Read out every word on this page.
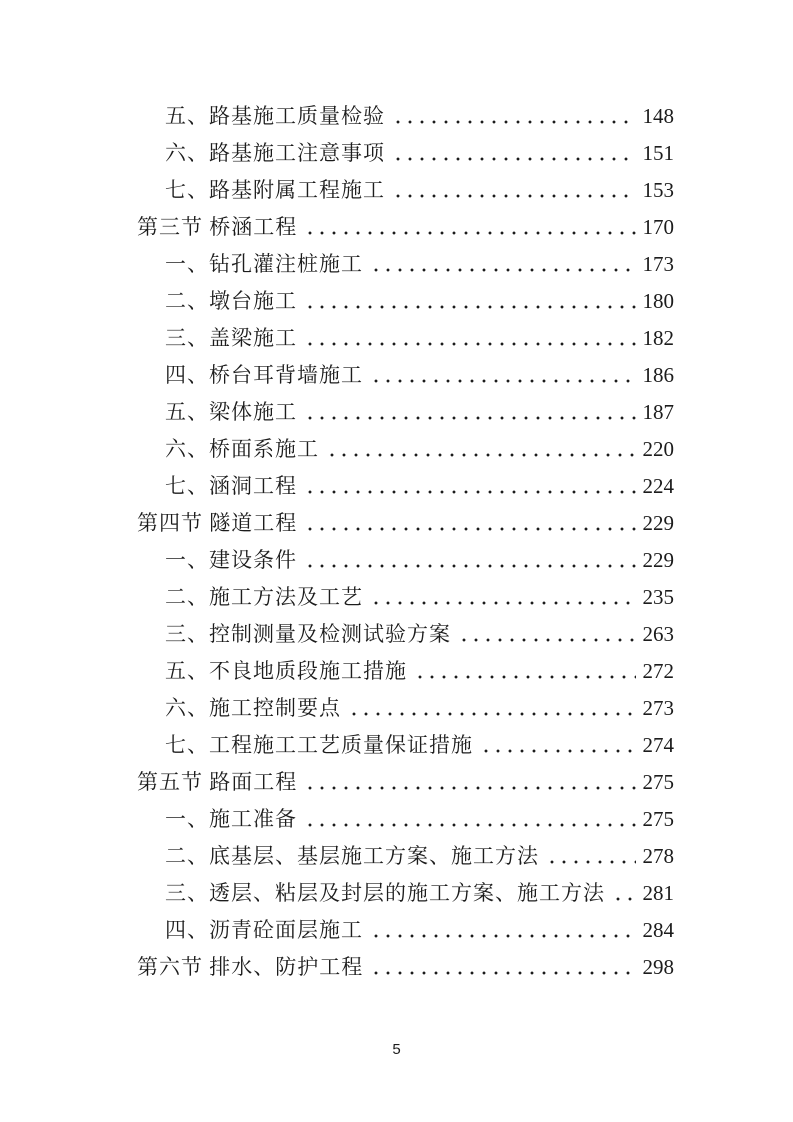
五、路基施工质量检验	148
六、路基施工注意事项	151
七、路基附属工程施工	153
第三节 桥涵工程	170
一、钻孔灌注桩施工	173
二、墩台施工	180
三、盖梁施工	182
四、桥台耳背墙施工	186
五、梁体施工	187
六、桥面系施工	220
七、涵洞工程	224
第四节 隧道工程	229
一、建设条件	229
二、施工方法及工艺	235
三、控制测量及检测试验方案	263
五、不良地质段施工措施	272
六、施工控制要点	273
七、工程施工工艺质量保证措施	274
第五节 路面工程	275
一、施工准备	275
二、底基层、基层施工方案、施工方法	278
三、透层、粘层及封层的施工方案、施工方法 281
四、沥青砼面层施工	284
第六节 排水、防护工程	298
5
